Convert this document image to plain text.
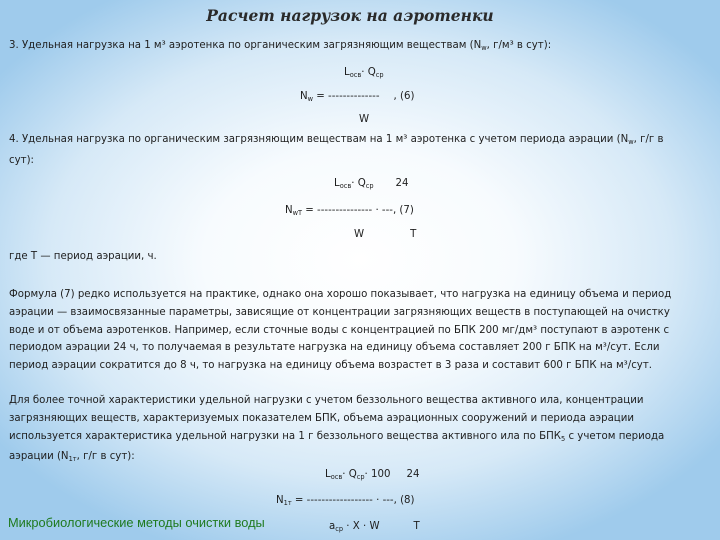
Расчет нагрузок на аэротенки
3. Удельная нагрузка на 1 м³ аэротенка по органическим загрязняющим веществам ($N_w$, г/м³ в сут):
$L_{осв}\cdot Q_{ср}$
$N_w$ = -------------- , (6)
W
4. Удельная нагрузка по органическим загрязняющим веществам на 1 м³ аэротенка с учетом периода аэрации ($N_w$, г/г в сут):
$L_{осв}\cdot Q_{ср}$ 24
$N_{wT}$ = --------------- · ---, (7)
W	T
где Т — период аэрации, ч.
Формула (7) редко используется на практике, однако она хорошо показывает, что нагрузка на единицу объема и период аэрации — взаимосвязанные параметры, зависящие от концентрации загрязняющих веществ в поступающей на очистку воде и от объема аэротенков. Например, если сточные воды с концентрацией по БПК 200 мг/дм³ поступают в аэротенк с периодом аэрации 24 ч, то получаемая в результате нагрузка на единицу объема составляет 200 г БПК на м³/сут. Если период аэрации сократится до 8 ч, то нагрузка на единицу объема возрастет в 3 раза и составит 600 г БПК на м³/сут.
Для более точной характеристики удельной нагрузки с учетом беззольного вещества активного ила, концентрации загрязняющих веществ, характеризуемых показателем БПК, объема аэрационных сооружений и периода аэрации используется характеристика удельной нагрузки на 1 г беззольного вещества активного ила по $БПК_5$ с учетом периода аэрации ($N_{1т}$, г/г в сут):
$L_{осв}\cdot Q_{ср}\cdot 100$ 24
$N_{1т}$ = ------------------ · ---, (8)
$a_{ср} \cdot X \cdot W$	T
Микробиологические методы очистки воды
